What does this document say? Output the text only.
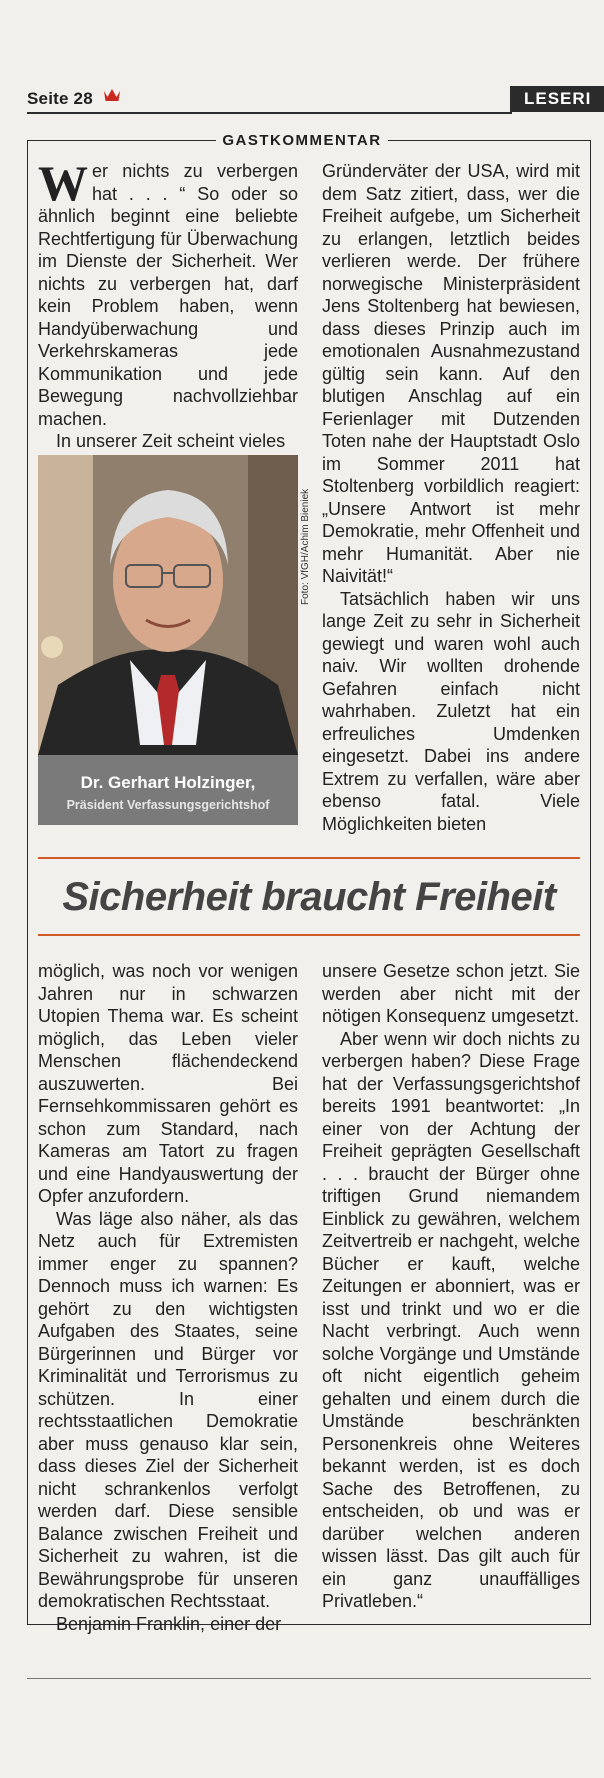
Seite 28	LESERI
GASTKOMMENTAR

Wer nichts zu verbergen hat . . . “ So oder so ähnlich beginnt eine beliebte Rechtfertigung für Überwachung im Dienste der Sicherheit. Wer nichts zu verbergen hat, darf kein Problem haben, wenn Handyüberwachung und Verkehrskameras jede Kommunikation und jede Bewegung nachvollziehbar machen.

In unserer Zeit scheint vieles

Dr. Gerhart Holzinger,
Präsident Verfassungsgerichtshof
Foto: VfGH/Achim Bieniek

Gründerväter der USA, wird mit dem Satz zitiert, dass, wer die Freiheit aufgebe, um Sicherheit zu erlangen, letztlich beides verlieren werde. Der frühere norwegische Ministerpräsident Jens Stoltenberg hat bewiesen, dass dieses Prinzip auch im emotionalen Ausnahmezustand gültig sein kann. Auf den blutigen Anschlag auf ein Ferienlager mit Dutzenden Toten nahe der Hauptstadt Oslo im Sommer 2011 hat Stoltenberg vorbildlich reagiert: „Unsere Antwort ist mehr Demokratie, mehr Offenheit und mehr Humanität. Aber nie Naivität!“

Tatsächlich haben wir uns lange Zeit zu sehr in Sicherheit gewiegt und waren wohl auch naiv. Wir wollten drohende Gefahren einfach nicht wahrhaben. Zuletzt hat ein erfreuliches Umdenken eingesetzt. Dabei ins andere Extrem zu verfallen, wäre aber ebenso fatal. Viele Möglichkeiten bieten

Sicherheit braucht Freiheit

möglich, was noch vor wenigen Jahren nur in schwarzen Utopien Thema war. Es scheint möglich, das Leben vieler Menschen flächendeckend auszuwerten. Bei Fernsehkommissaren gehört es schon zum Standard, nach Kameras am Tatort zu fragen und eine Handyauswertung der Opfer anzufordern.

Was läge also näher, als das Netz auch für Extremisten immer enger zu spannen? Dennoch muss ich warnen: Es gehört zu den wichtigsten Aufgaben des Staates, seine Bürgerinnen und Bürger vor Kriminalität und Terrorismus zu schützen. In einer rechtsstaatlichen Demokratie aber muss genauso klar sein, dass dieses Ziel der Sicherheit nicht schrankenlos verfolgt werden darf. Diese sensible Balance zwischen Freiheit und Sicherheit zu wahren, ist die Bewährungsprobe für unseren demokratischen Rechtsstaat.

Benjamin Franklin, einer der

unsere Gesetze schon jetzt. Sie werden aber nicht mit der nötigen Konsequenz umgesetzt.

Aber wenn wir doch nichts zu verbergen haben? Diese Frage hat der Verfassungsgerichtshof bereits 1991 beantwortet: „In einer von der Achtung der Freiheit geprägten Gesellschaft . . . braucht der Bürger ohne triftigen Grund niemandem Einblick zu gewähren, welchem Zeitvertreib er nachgeht, welche Bücher er kauft, welche Zeitungen er abonniert, was er isst und trinkt und wo er die Nacht verbringt. Auch wenn solche Vorgänge und Umstände oft nicht eigentlich geheim gehalten und einem durch die Umstände beschränkten Personenkreis ohne Weiteres bekannt werden, ist es doch Sache des Betroffenen, zu entscheiden, ob und was er darüber welchen anderen wissen lässt. Das gilt auch für ein ganz unauffälliges Privatleben.“
